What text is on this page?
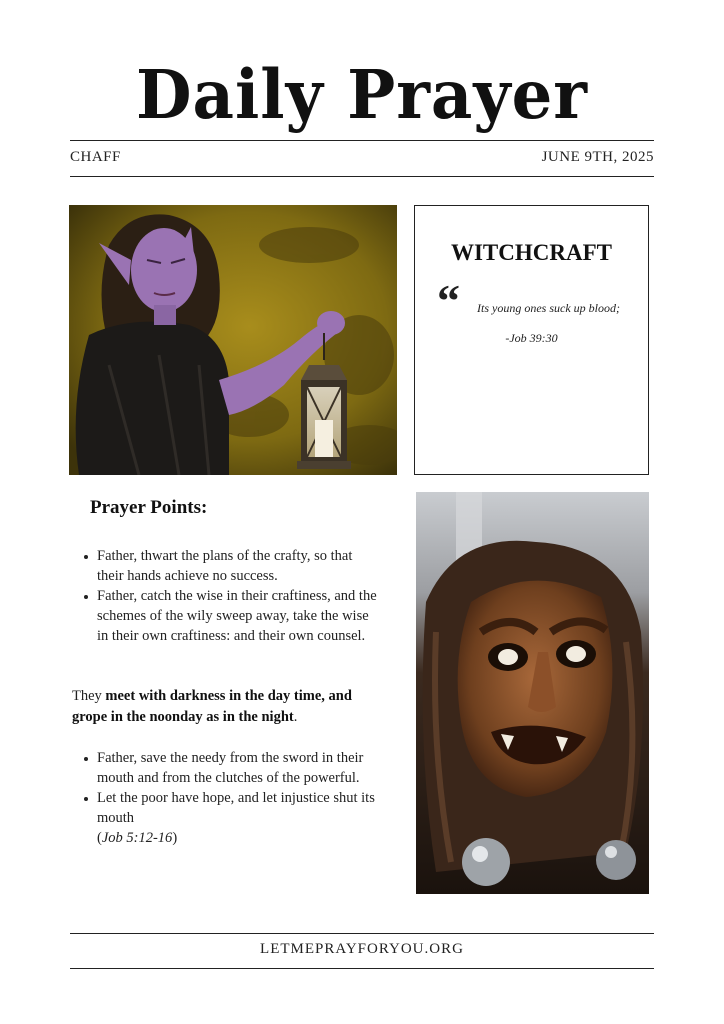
Daily Prayer
CHAFF	JUNE 9TH, 2025
WITCHCRAFT
“ Its young ones suck up blood;
-Job 39:30
Prayer Points:
Father, thwart the plans of the crafty, so that their hands achieve no success.
Father, catch the wise in their craftiness, and the schemes of the wily sweep away, take the wise in their own craftiness: and their own counsel.
They meet with darkness in the day time, and grope in the noonday as in the night.
Father, save the needy from the sword in their mouth and from the clutches of the powerful.
Let the poor have hope, and let injustice shut its mouth
(Job 5:12-16)
LETMEPRAYFORYOU.ORG
